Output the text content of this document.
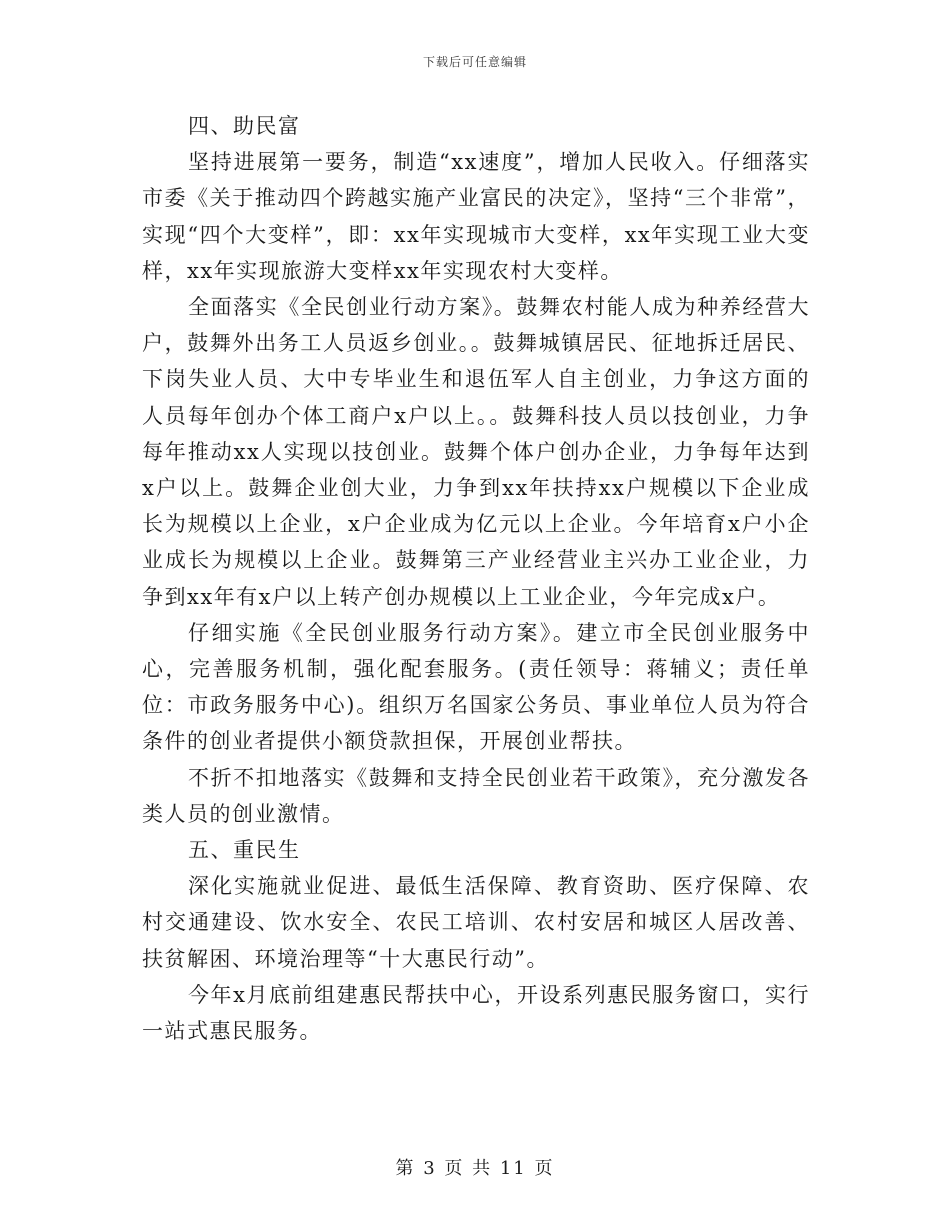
下载后可任意编辑

四、助民富

坚持进展第一要务，制造“xx速度”，增加人民收入。仔细落实市委《关于推动四个跨越实施产业富民的决定》，坚持“三个非常”，实现“四个大变样”，即：xx年实现城市大变样，xx年实现工业大变样，xx年实现旅游大变样xx年实现农村大变样。

全面落实《全民创业行动方案》。鼓舞农村能人成为种养经营大户，鼓舞外出务工人员返乡创业。。鼓舞城镇居民、征地拆迁居民、下岗失业人员、大中专毕业生和退伍军人自主创业，力争这方面的人员每年创办个体工商户x户以上。。鼓舞科技人员以技创业，力争每年推动xx人实现以技创业。鼓舞个体户创办企业，力争每年达到x户以上。鼓舞企业创大业，力争到xx年扶持xx户规模以下企业成长为规模以上企业，x户企业成为亿元以上企业。今年培育x户小企业成长为规模以上企业。鼓舞第三产业经营业主兴办工业企业，力争到xx年有x户以上转产创办规模以上工业企业，今年完成x户。

仔细实施《全民创业服务行动方案》。建立市全民创业服务中心，完善服务机制，强化配套服务。(责任领导：蒋辅义；责任单位：市政务服务中心)。组织万名国家公务员、事业单位人员为符合条件的创业者提供小额贷款担保，开展创业帮扶。

不折不扣地落实《鼓舞和支持全民创业若干政策》，充分激发各类人员的创业激情。

五、重民生

深化实施就业促进、最低生活保障、教育资助、医疗保障、农村交通建设、饮水安全、农民工培训、农村安居和城区人居改善、扶贫解困、环境治理等“十大惠民行动”。

今年x月底前组建惠民帮扶中心，开设系列惠民服务窗口，实行一站式惠民服务。

第 3 页 共 11 页
